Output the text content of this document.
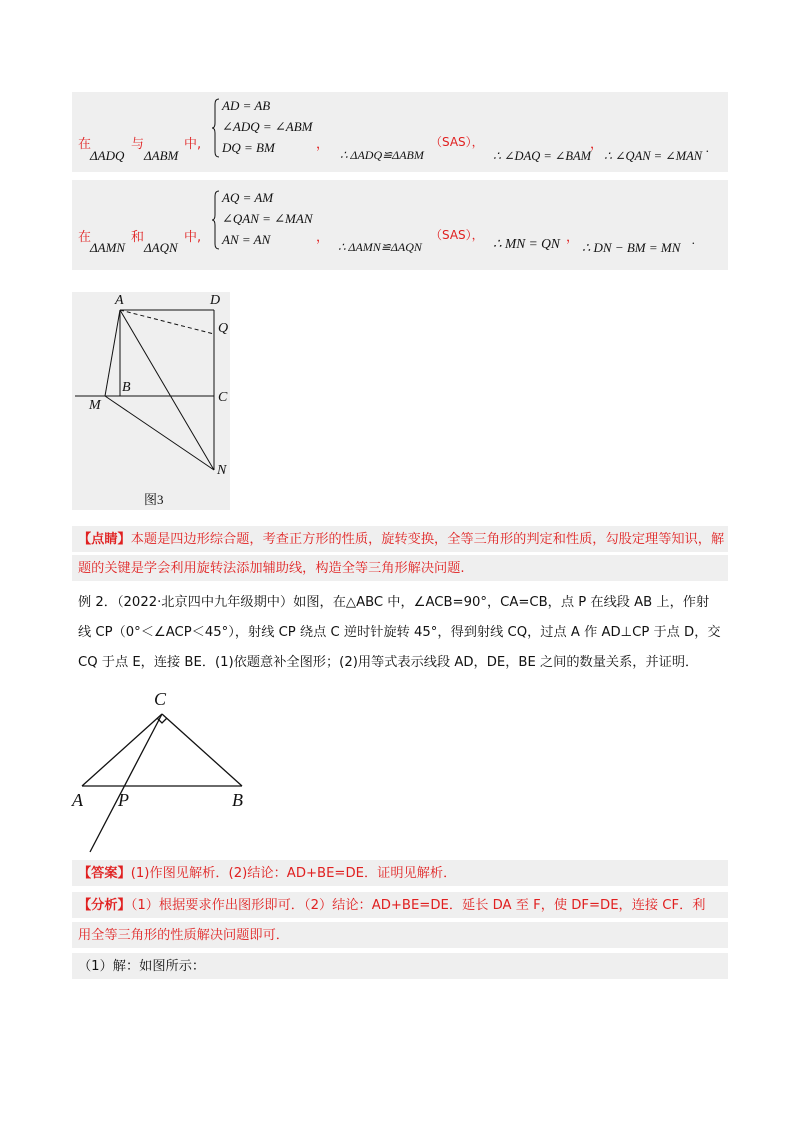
在
ΔADQ
与
ΔABM
中,
AD = AB
∠ADQ = ∠ABM
DQ = BM	，
∴ ΔADQ≌ΔABM
（SAS），
∴ ∠DAQ = ∠BAM
，
∴ ∠QAN = ∠MAN
.
在
ΔAMN
和
ΔAQN
中,
AQ = AM
∠QAN = ∠MAN
AN = AN	，
∴ ΔAMN≌ΔAQN
（SAS），
∴ MN = QN ，
∴ DN − BM = MN
.
A	D
Q
B
C
M
N
图3
【点睛】本题是四边形综合题，考查正方形的性质，旋转变换，全等三角形的判定和性质，勾股定理等知识，解题的关键是学会利用旋转法添加辅助线，构造全等三角形解决问题.
例 2．（2022·北京四中九年级期中）如图，在△ABC 中，∠ACB=90°，CA=CB，点 P 在线段 AB 上，作射
线 CP（0°＜∠ACP＜45°），射线 CP 绕点 C 逆时针旋转 45°，得到射线 CQ，过点 A 作 AD⊥CP 于点 D，交
CQ 于点 E，连接 BE．(1)依题意补全图形；(2)用等式表示线段 AD，DE，BE 之间的数量关系，并证明．
C
A P	B
【答案】(1)作图见解析．(2)结论：AD+BE=DE．证明见解析．
【分析】（1）根据要求作出图形即可．（2）结论：AD+BE=DE．延长 DA 至 F，使 DF=DE，连接 CF．利
用全等三角形的性质解决问题即可．
（1）解：如图所示：
